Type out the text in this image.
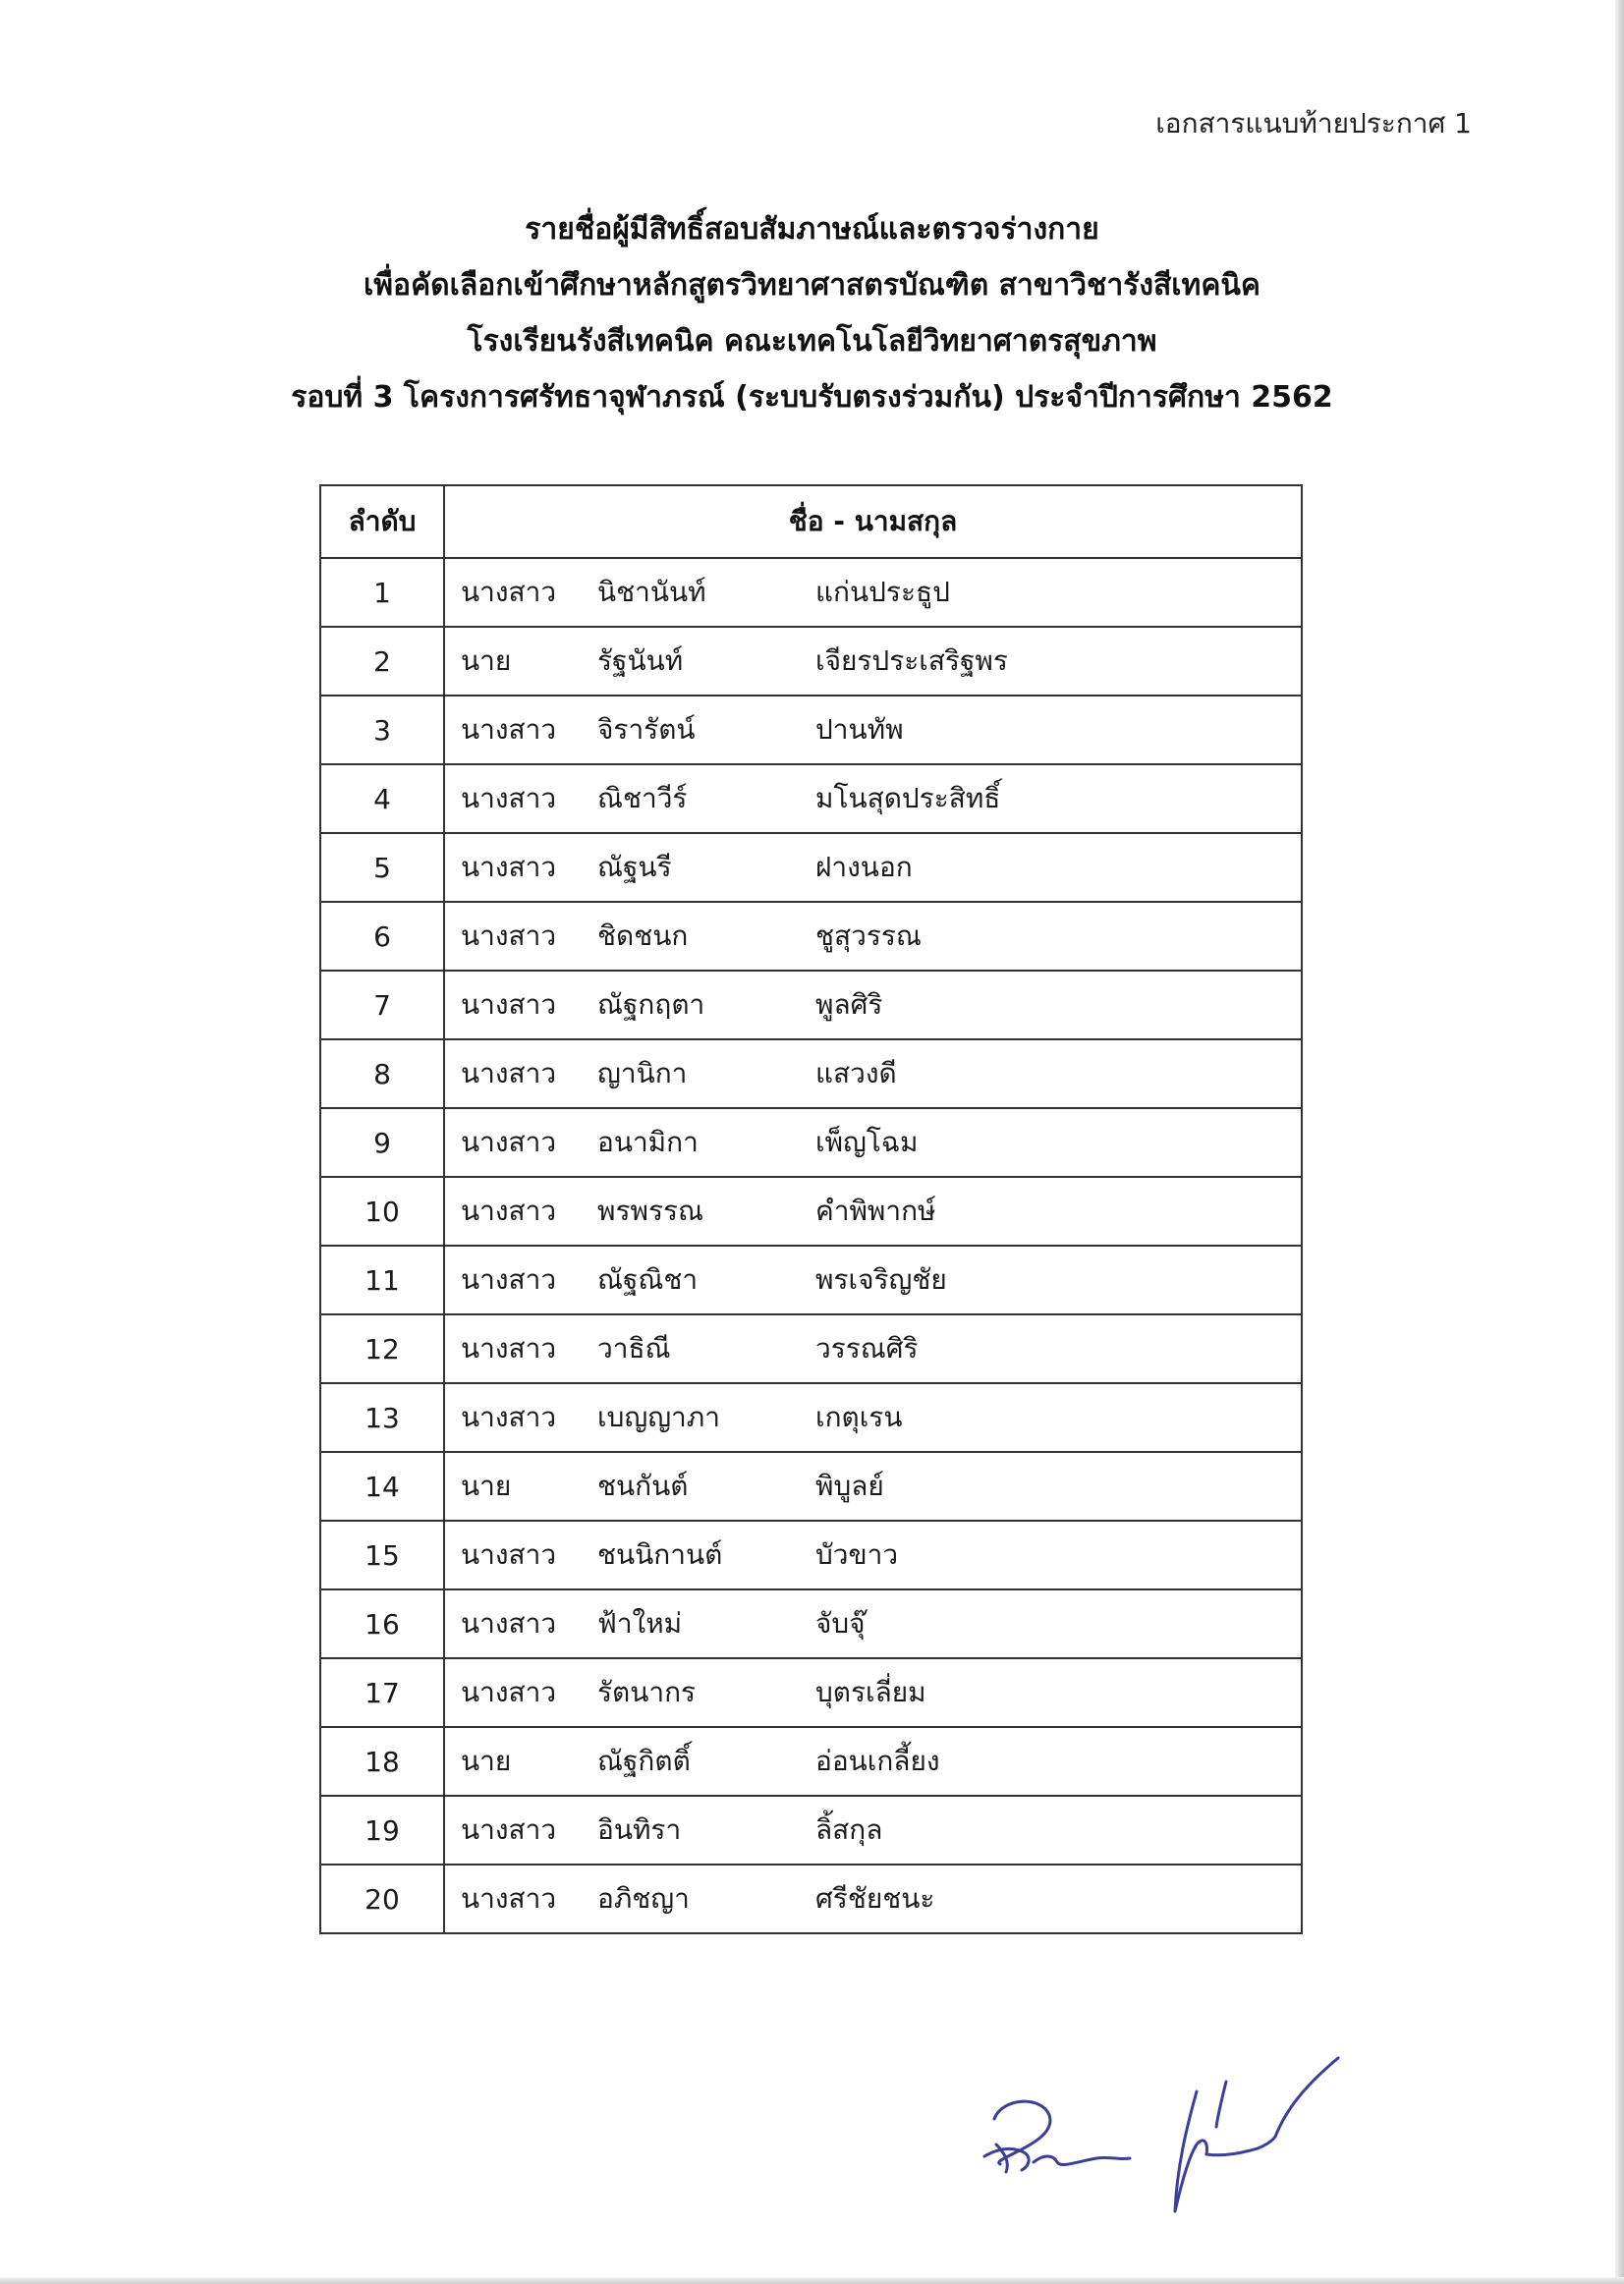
เอกสารแนบท้ายประกาศ 1
รายชื่อผู้มีสิทธิ์สอบสัมภาษณ์และตรวจร่างกาย
เพื่อคัดเลือกเข้าศึกษาหลักสูตรวิทยาศาสตรบัณฑิต สาขาวิชารังสีเทคนิค
โรงเรียนรังสีเทคนิค คณะเทคโนโลยีวิทยาศาตรสุขภาพ
รอบที่ 3 โครงการศรัทธาจุฬาภรณ์ (ระบบรับตรงร่วมกัน) ประจำปีการศึกษา 2562
ลำดับ	ชื่อ - นามสกุล
1	นางสาว นิชานันท์ แก่นประธูป
2	นาย รัฐนันท์ เจียรประเสริฐพร
3	นางสาว จิรารัตน์ ปานทัพ
4	นางสาว ณิชาวีร์ มโนสุดประสิทธิ์
5	นางสาว ณัฐนรี ฝางนอก
6	นางสาว ชิดชนก ชูสุวรรณ
7	นางสาว ณัฐกฤตา พูลศิริ
8	นางสาว ญานิกา แสวงดี
9	นางสาว อนามิกา เพ็ญโฉม
10	นางสาว พรพรรณ คำพิพากษ์
11	นางสาว ณัฐณิชา พรเจริญชัย
12	นางสาว วาธิณี วรรณศิริ
13	นางสาว เบญญาภา เกตุเรน
14	นาย ชนกันต์ พิบูลย์
15	นางสาว ชนนิกานต์ บัวขาว
16	นางสาว ฟ้าใหม่ จับจุ๊
17	นางสาว รัตนากร บุตรเลี่ยม
18	นาย ณัฐกิตติ์ อ่อนเกลี้ยง
19	นางสาว อินทิรา ลิ้สกุล
20	นางสาว อภิชญา ศรีชัยชนะ
